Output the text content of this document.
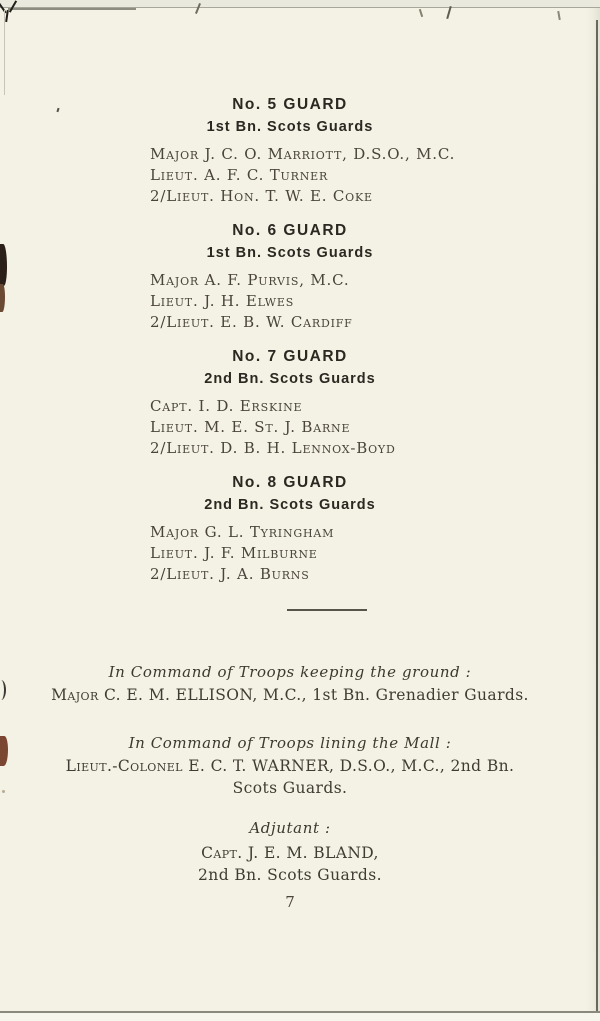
No. 5 GUARD
1st Bn. Scots Guards
Major J. C. O. Marriott, D.S.O., M.C.
Lieut. A. F. C. Turner
2/Lieut. Hon. T. W. E. Coke
No. 6 GUARD
1st Bn. Scots Guards
Major A. F. Purvis, M.C.
Lieut. J. H. Elwes
2/Lieut. E. B. W. Cardiff
No. 7 GUARD
2nd Bn. Scots Guards
Capt. I. D. Erskine
Lieut. M. E. St. J. Barne
2/Lieut. D. B. H. Lennox-Boyd
No. 8 GUARD
2nd Bn. Scots Guards
Major G. L. Tyringham
Lieut. J. F. Milburne
2/Lieut. J. A. Burns
In Command of Troops keeping the ground :
Major C. E. M. ELLISON, M.C., 1st Bn. Grenadier Guards.
In Command of Troops lining the Mall :
Lieut.-Colonel E. C. T. WARNER, D.S.O., M.C., 2nd Bn.
Scots Guards.
Adjutant :
Capt. J. E. M. BLAND,
2nd Bn. Scots Guards.
7
